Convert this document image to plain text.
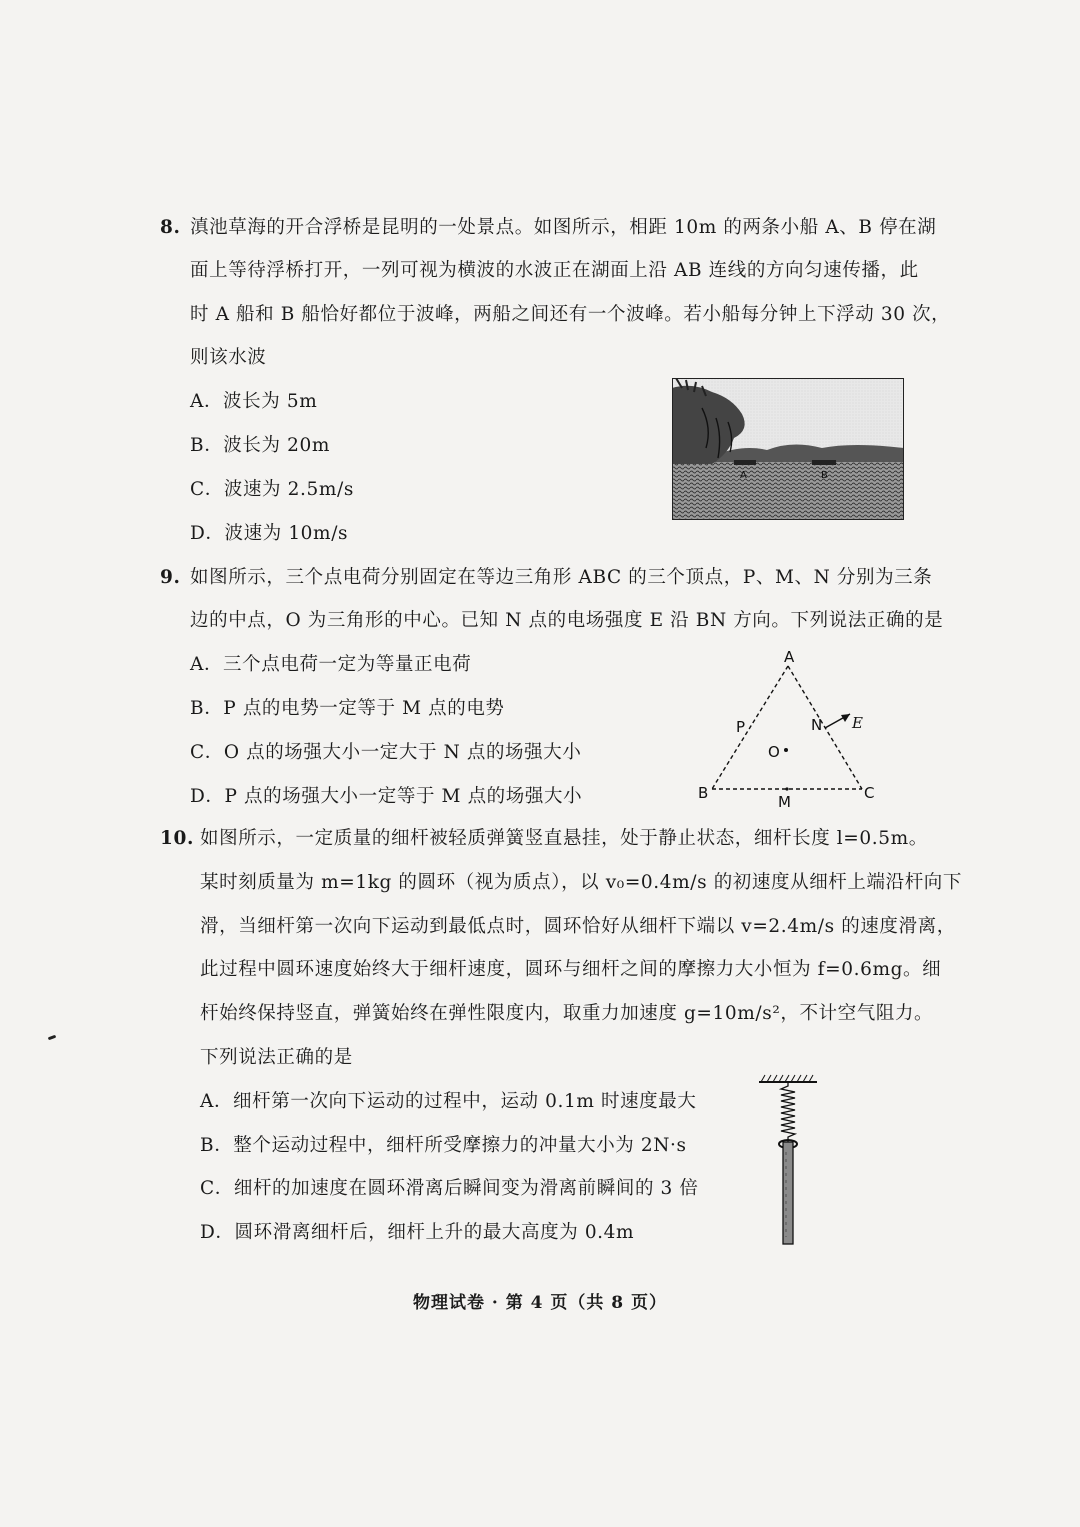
8. 滇池草海的开合浮桥是昆明的一处景点。如图所示，相距 10m 的两条小船 A、B 停在湖
面上等待浮桥打开，一列可视为横波的水波正在湖面上沿 AB 连线的方向匀速传播，此
时 A 船和 B 船恰好都位于波峰，两船之间还有一个波峰。若小船每分钟上下浮动 30 次，
则该水波
A．波长为 5m
B．波长为 20m
C．波速为 2.5m/s
D．波速为 10m/s
A	B
9. 如图所示，三个点电荷分别固定在等边三角形 ABC 的三个顶点，P、M、N 分别为三条
边的中点，O 为三角形的中心。已知 N 点的电场强度 E 沿 BN 方向。下列说法正确的是
A．三个点电荷一定为等量正电荷
B．P 点的电势一定等于 M 点的电势
C．O 点的场强大小一定大于 N 点的场强大小
D．P 点的场强大小一定等于 M 点的场强大小
A
B	C
P
M
N
O
E
10. 如图所示，一定质量的细杆被轻质弹簧竖直悬挂，处于静止状态，细杆长度 l=0.5m。
某时刻质量为 m=1kg 的圆环（视为质点），以 v₀=0.4m/s 的初速度从细杆上端沿杆向下
滑，当细杆第一次向下运动到最低点时，圆环恰好从细杆下端以 v=2.4m/s 的速度滑离，
此过程中圆环速度始终大于细杆速度，圆环与细杆之间的摩擦力大小恒为 f=0.6mg。细
杆始终保持竖直，弹簧始终在弹性限度内，取重力加速度 g=10m/s²，不计空气阻力。
下列说法正确的是
A．细杆第一次向下运动的过程中，运动 0.1m 时速度最大
B．整个运动过程中，细杆所受摩擦力的冲量大小为 2N·s
C．细杆的加速度在圆环滑离后瞬间变为滑离前瞬间的 3 倍
D．圆环滑离细杆后，细杆上升的最大高度为 0.4m
物理试卷 · 第 4 页（共 8 页）
